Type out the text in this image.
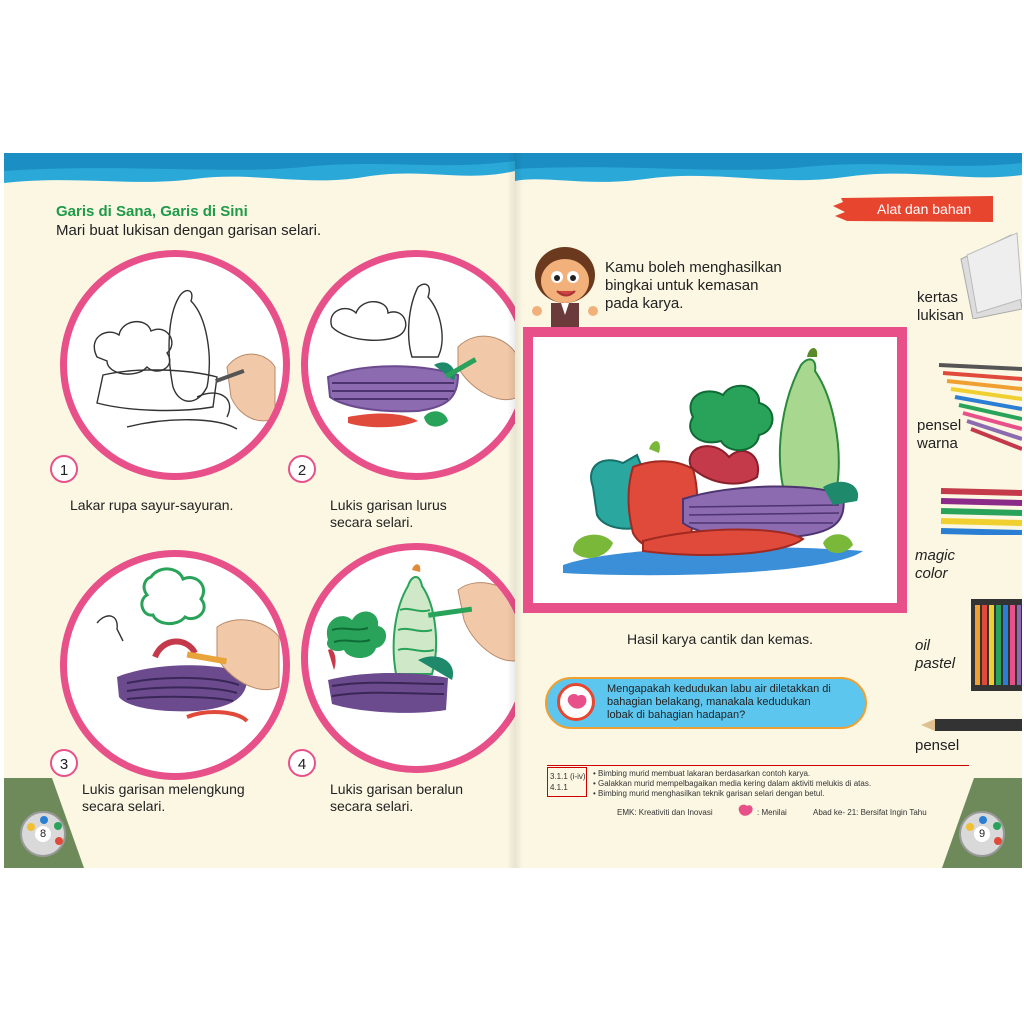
Garis di Sana, Garis di Sini
Mari buat lukisan dengan garisan selari.
1
Lakar rupa sayur-sayuran.
2
Lukis garisan lurus
secara selari.
3
Lukis garisan melengkung
secara selari.
4
Lukis garisan beralun
secara selari.
8
Alat dan bahan
Kamu boleh menghasilkan
bingkai untuk kemasan
pada karya.
Hasil karya cantik dan kemas.
Mengapakah kedudukan labu air diletakkan di
bahagian belakang, manakala kedudukan
lobak di bahagian hadapan?
kertas
lukisan
pensel
warna
magic
color
oil
pastel
pensel
3.1.1 (i-iv)
4.1.1
• Bimbing murid membuat lakaran berdasarkan contoh karya.
• Galakkan murid mempelbagaikan media kering dalam aktiviti melukis di atas.
• Bimbing murid menghasilkan teknik garisan selari dengan betul.
EMK: Kreativiti dan Inovasi	: Menilai	Abad ke- 21: Bersifat Ingin Tahu
9
